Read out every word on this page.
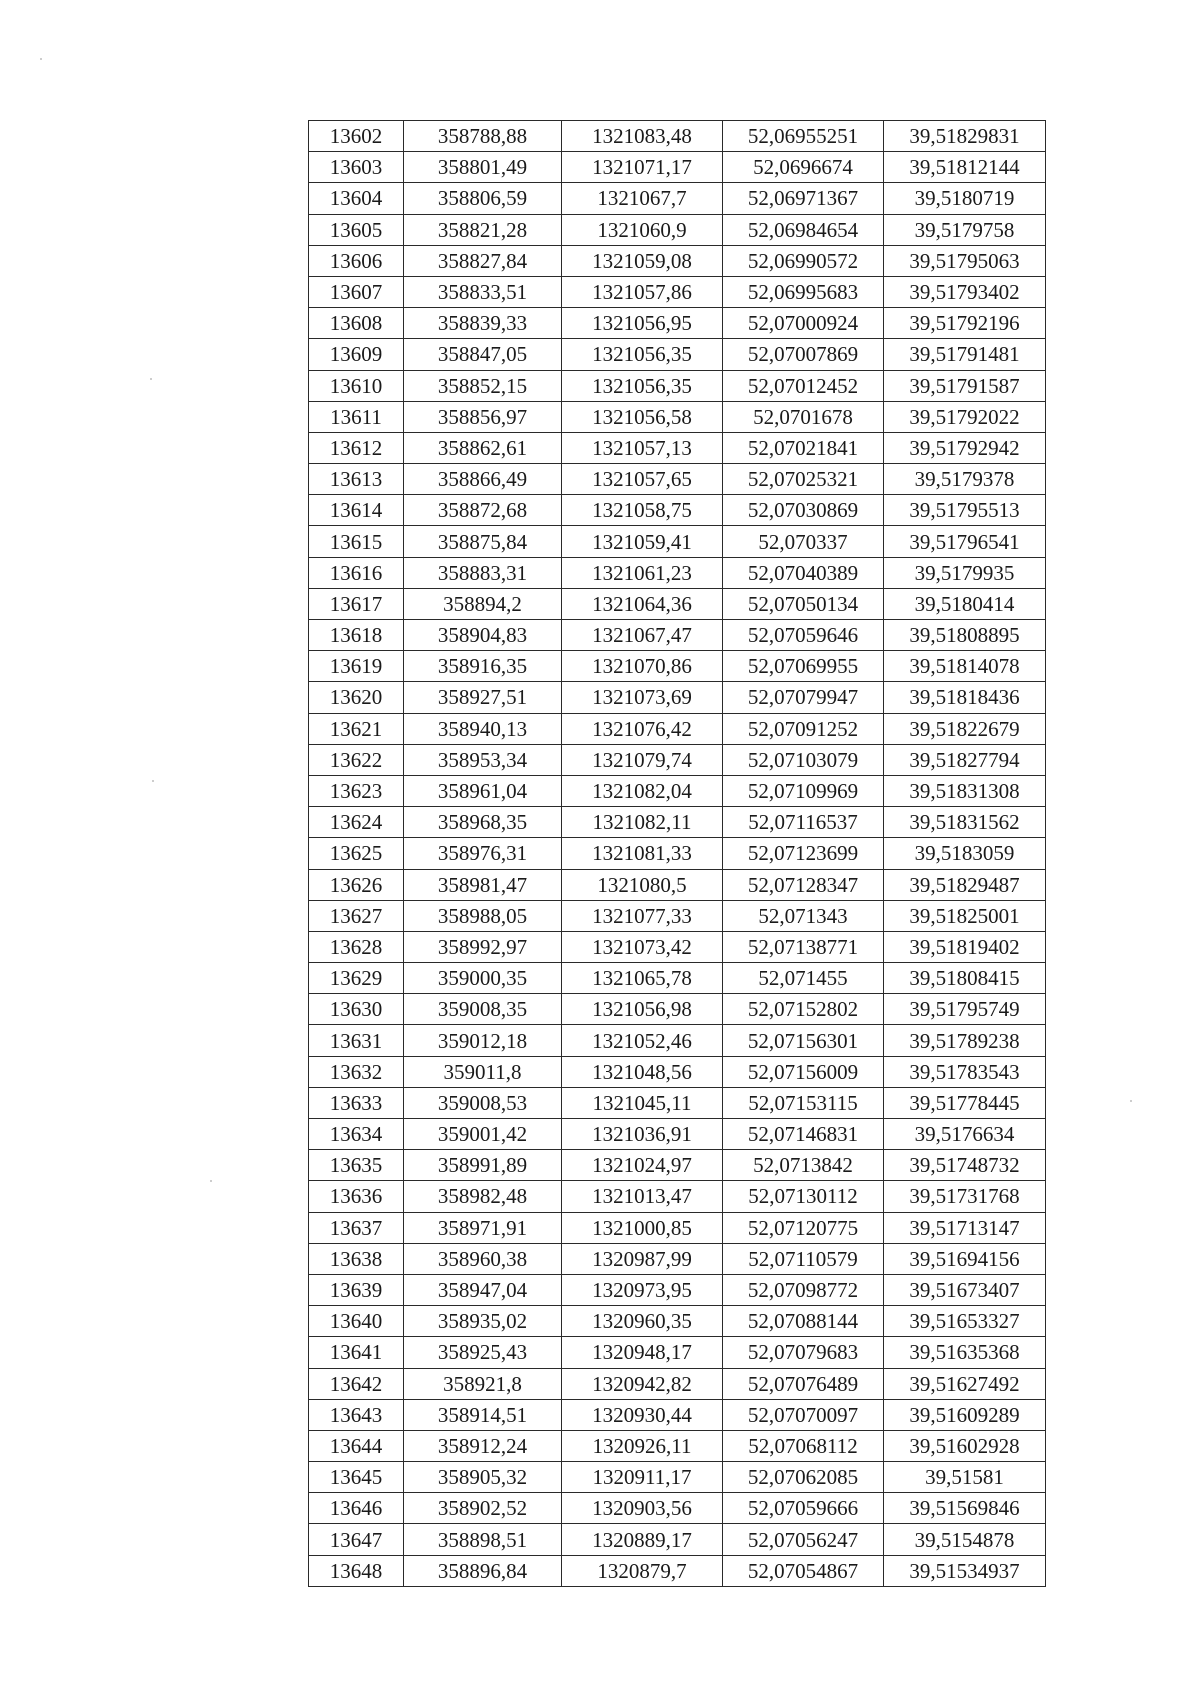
13602	358788,88	1321083,48	52,06955251	39,51829831
13603	358801,49	1321071,17	52,0696674	39,51812144
13604	358806,59	1321067,7	52,06971367	39,5180719
13605	358821,28	1321060,9	52,06984654	39,5179758
13606	358827,84	1321059,08	52,06990572	39,51795063
13607	358833,51	1321057,86	52,06995683	39,51793402
13608	358839,33	1321056,95	52,07000924	39,51792196
13609	358847,05	1321056,35	52,07007869	39,51791481
13610	358852,15	1321056,35	52,07012452	39,51791587
13611	358856,97	1321056,58	52,0701678	39,51792022
13612	358862,61	1321057,13	52,07021841	39,51792942
13613	358866,49	1321057,65	52,07025321	39,5179378
13614	358872,68	1321058,75	52,07030869	39,51795513
13615	358875,84	1321059,41	52,070337	39,51796541
13616	358883,31	1321061,23	52,07040389	39,5179935
13617	358894,2	1321064,36	52,07050134	39,5180414
13618	358904,83	1321067,47	52,07059646	39,51808895
13619	358916,35	1321070,86	52,07069955	39,51814078
13620	358927,51	1321073,69	52,07079947	39,51818436
13621	358940,13	1321076,42	52,07091252	39,51822679
13622	358953,34	1321079,74	52,07103079	39,51827794
13623	358961,04	1321082,04	52,07109969	39,51831308
13624	358968,35	1321082,11	52,07116537	39,51831562
13625	358976,31	1321081,33	52,07123699	39,5183059
13626	358981,47	1321080,5	52,07128347	39,51829487
13627	358988,05	1321077,33	52,071343	39,51825001
13628	358992,97	1321073,42	52,07138771	39,51819402
13629	359000,35	1321065,78	52,071455	39,51808415
13630	359008,35	1321056,98	52,07152802	39,51795749
13631	359012,18	1321052,46	52,07156301	39,51789238
13632	359011,8	1321048,56	52,07156009	39,51783543
13633	359008,53	1321045,11	52,07153115	39,51778445
13634	359001,42	1321036,91	52,07146831	39,5176634
13635	358991,89	1321024,97	52,0713842	39,51748732
13636	358982,48	1321013,47	52,07130112	39,51731768
13637	358971,91	1321000,85	52,07120775	39,51713147
13638	358960,38	1320987,99	52,07110579	39,51694156
13639	358947,04	1320973,95	52,07098772	39,51673407
13640	358935,02	1320960,35	52,07088144	39,51653327
13641	358925,43	1320948,17	52,07079683	39,51635368
13642	358921,8	1320942,82	52,07076489	39,51627492
13643	358914,51	1320930,44	52,07070097	39,51609289
13644	358912,24	1320926,11	52,07068112	39,51602928
13645	358905,32	1320911,17	52,07062085	39,51581
13646	358902,52	1320903,56	52,07059666	39,51569846
13647	358898,51	1320889,17	52,07056247	39,5154878
13648	358896,84	1320879,7	52,07054867	39,51534937
